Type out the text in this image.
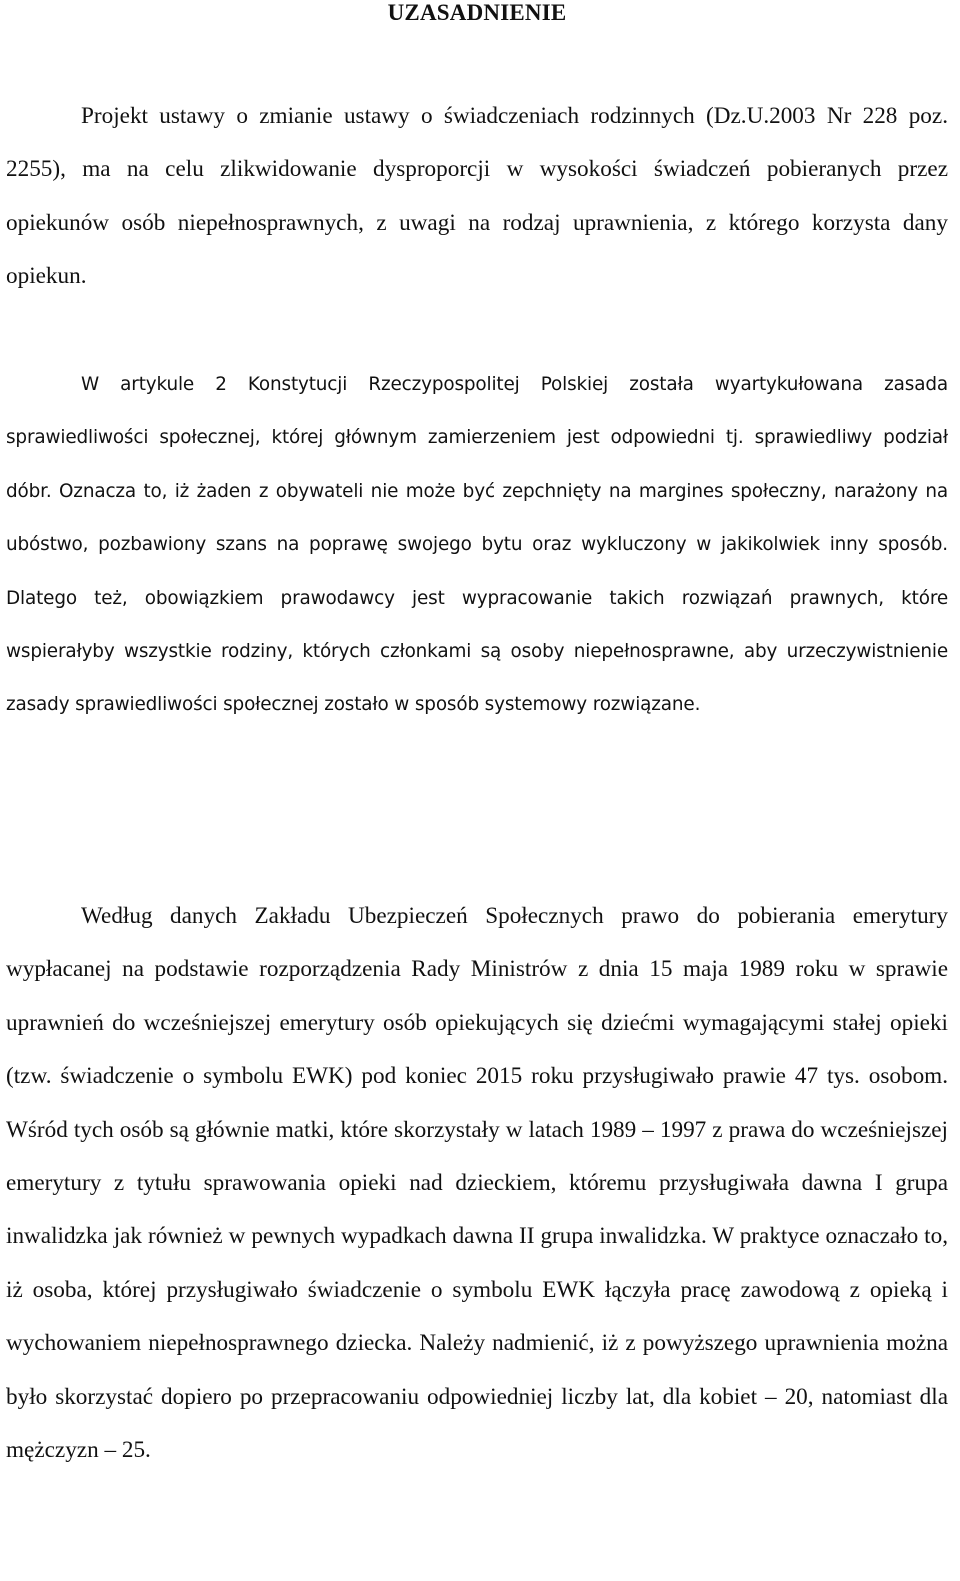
UZASADNIENIE

Projekt ustawy o zmianie ustawy o świadczeniach rodzinnych (Dz.U.2003 Nr 228 poz. 2255), ma na celu zlikwidowanie dysproporcji w wysokości świadczeń pobieranych przez opiekunów osób niepełnosprawnych, z uwagi na rodzaj uprawnienia, z którego korzysta dany opiekun.

W artykule 2 Konstytucji Rzeczypospolitej Polskiej została wyartykułowana zasada sprawiedliwości społecznej, której głównym zamierzeniem jest odpowiedni tj. sprawiedliwy podział dóbr. Oznacza to, iż żaden z obywateli nie może być zepchnięty na margines społeczny, narażony na ubóstwo, pozbawiony szans na poprawę swojego bytu oraz wykluczony w jakikolwiek inny sposób. Dlatego też, obowiązkiem prawodawcy jest wypracowanie takich rozwiązań prawnych, które wspierałyby wszystkie rodziny, których członkami są osoby niepełnosprawne, aby urzeczywistnienie zasady sprawiedliwości społecznej zostało w sposób systemowy rozwiązane.

Według danych Zakładu Ubezpieczeń Społecznych prawo do pobierania emerytury wypłacanej na podstawie rozporządzenia Rady Ministrów z dnia 15 maja 1989 roku w sprawie uprawnień do wcześniejszej emerytury osób opiekujących się dziećmi wymagającymi stałej opieki (tzw. świadczenie o symbolu EWK) pod koniec 2015 roku przysługiwało prawie 47 tys. osobom. Wśród tych osób są głównie matki, które skorzystały w latach 1989 – 1997 z prawa do wcześniejszej emerytury z tytułu sprawowania opieki nad dzieckiem, któremu przysługiwała dawna I grupa inwalidzka jak również w pewnych wypadkach dawna II grupa inwalidzka. W praktyce oznaczało to, iż osoba, której przysługiwało świadczenie o symbolu EWK łączyła pracę zawodową z opieką i wychowaniem niepełnosprawnego dziecka. Należy nadmienić, iż z powyższego uprawnienia można było skorzystać dopiero po przepracowaniu odpowiedniej liczby lat, dla kobiet – 20, natomiast dla mężczyzn – 25.
